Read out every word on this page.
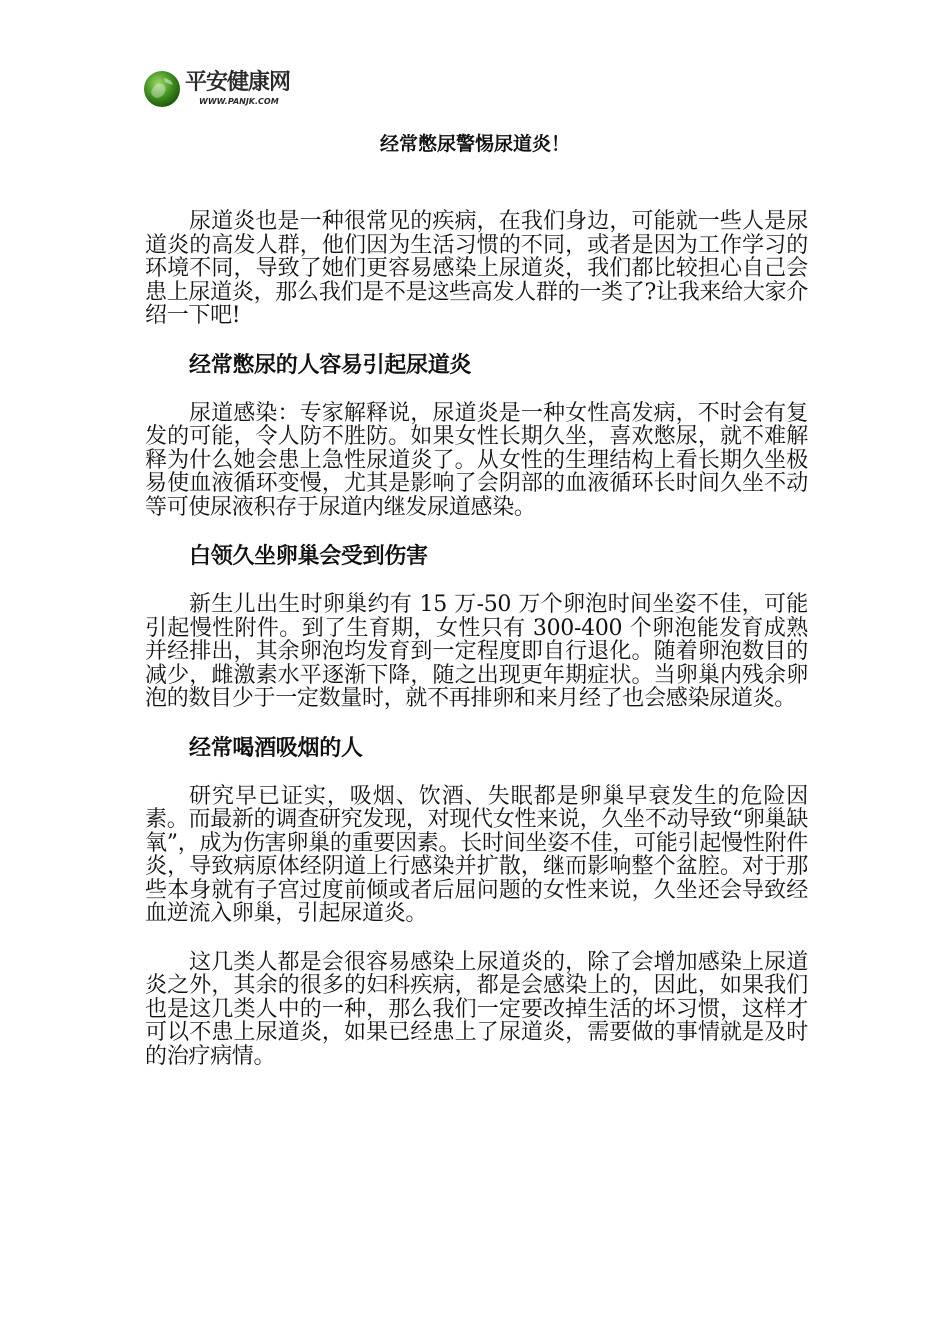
平安健康网
WWW.PANJK.COM
经常憋尿警惕尿道炎！

尿道炎也是一种很常见的疾病，在我们身边，可能就一些人是尿道炎的高发人群，他们因为生活习惯的不同，或者是因为工作学习的环境不同，导致了她们更容易感染上尿道炎，我们都比较担心自己会患上尿道炎，那么我们是不是这些高发人群的一类了?让我来给大家介绍一下吧!

经常憋尿的人容易引起尿道炎

尿道感染：专家解释说，尿道炎是一种女性高发病，不时会有复发的可能，令人防不胜防。如果女性长期久坐，喜欢憋尿，就不难解释为什么她会患上急性尿道炎了。从女性的生理结构上看长期久坐极易使血液循环变慢，尤其是影响了会阴部的血液循环长时间久坐不动等可使尿液积存于尿道内继发尿道感染。

白领久坐卵巢会受到伤害

新生儿出生时卵巢约有 15 万-50 万个卵泡时间坐姿不佳，可能引起慢性附件。到了生育期，女性只有 300-400 个卵泡能发育成熟并经排出，其余卵泡均发育到一定程度即自行退化。随着卵泡数目的减少，雌激素水平逐渐下降，随之出现更年期症状。当卵巢内残余卵泡的数目少于一定数量时，就不再排卵和来月经了也会感染尿道炎。

经常喝酒吸烟的人

研究早已证实，吸烟、饮酒、失眠都是卵巢早衰发生的危险因素。而最新的调查研究发现，对现代女性来说，久坐不动导致“卵巢缺氧”，成为伤害卵巢的重要因素。长时间坐姿不佳，可能引起慢性附件炎，导致病原体经阴道上行感染并扩散，继而影响整个盆腔。对于那些本身就有子宫过度前倾或者后屈问题的女性来说，久坐还会导致经血逆流入卵巢，引起尿道炎。

这几类人都是会很容易感染上尿道炎的，除了会增加感染上尿道炎之外，其余的很多的妇科疾病，都是会感染上的，因此，如果我们也是这几类人中的一种，那么我们一定要改掉生活的坏习惯，这样才可以不患上尿道炎，如果已经患上了尿道炎，需要做的事情就是及时的治疗病情。
